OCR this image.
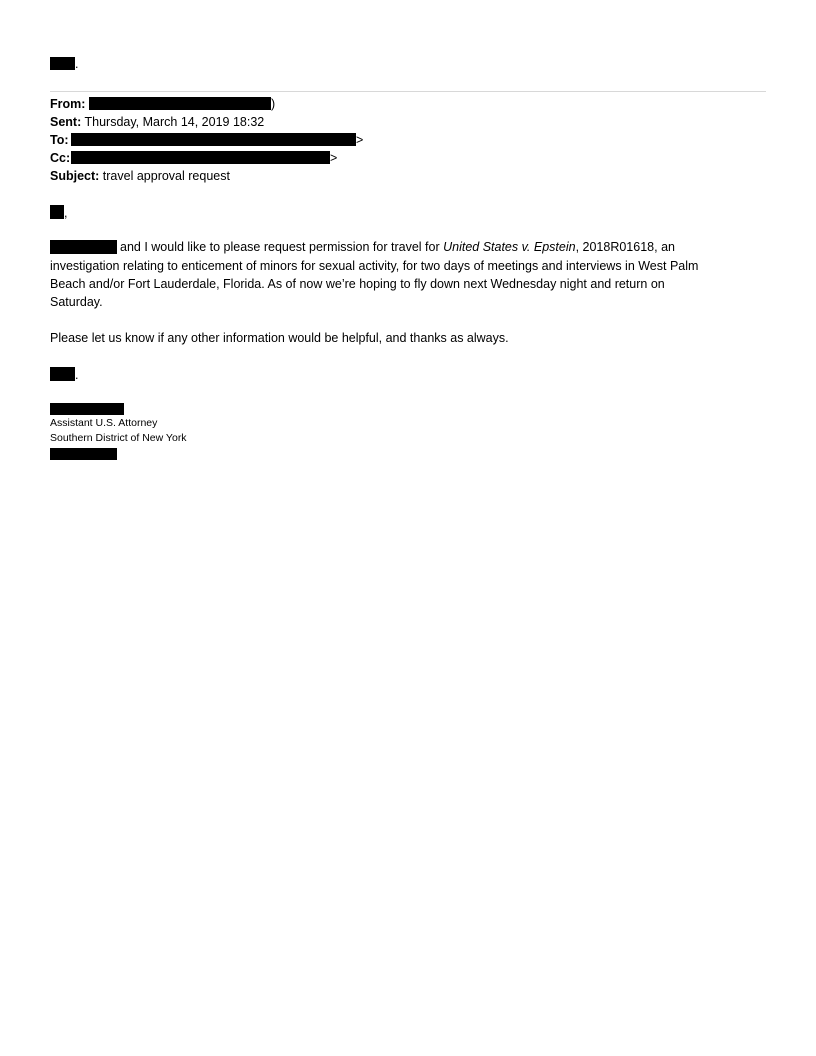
.
From:	)
Sent: Thursday, March 14, 2019 18:32
To:	>
Cc:	>
Subject: travel approval request
,
and I would like to please request permission for travel for United States v. Epstein, 2018R01618, an
investigation relating to enticement of minors for sexual activity, for two days of meetings and interviews in West Palm
Beach and/or Fort Lauderdale, Florida. As of now we’re hoping to fly down next Wednesday night and return on
Saturday.
Please let us know if any other information would be helpful, and thanks as always.
.
Assistant U.S. Attorney
Southern District of New York
